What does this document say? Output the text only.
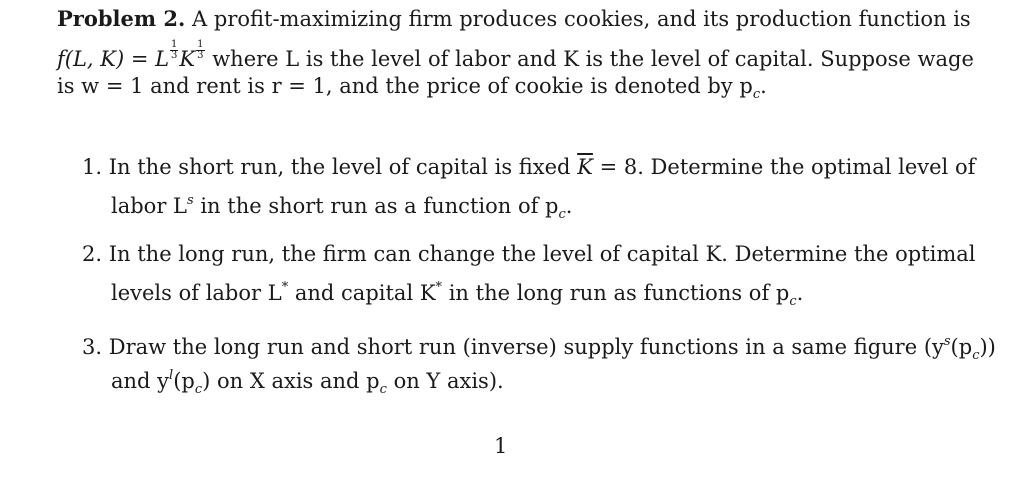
Problem 2. A profit-maximizing firm produces cookies, and its production function is
f(L, K) = L $\frac{1}{3}$ K $\frac{1}{3}$ where L is the level of labor and K is the level of capital. Suppose wage
is w = 1 and rent is r = 1, and the price of cookie is denoted by $p_c$.
1. In the short run, the level of capital is fixed $\overline{K} = 8$. Determine the optimal level of
labor $L^s$ in the short run as a function of $p_c$.
2. In the long run, the firm can change the level of capital K. Determine the optimal
levels of labor L* and capital K* in the long run as functions of $p_c$.
3. Draw the long run and short run (inverse) supply functions in a same figure $(y^s(p_c))$
and $y^l(p_c)$ on X axis and $p_c$ on Y axis).
1
